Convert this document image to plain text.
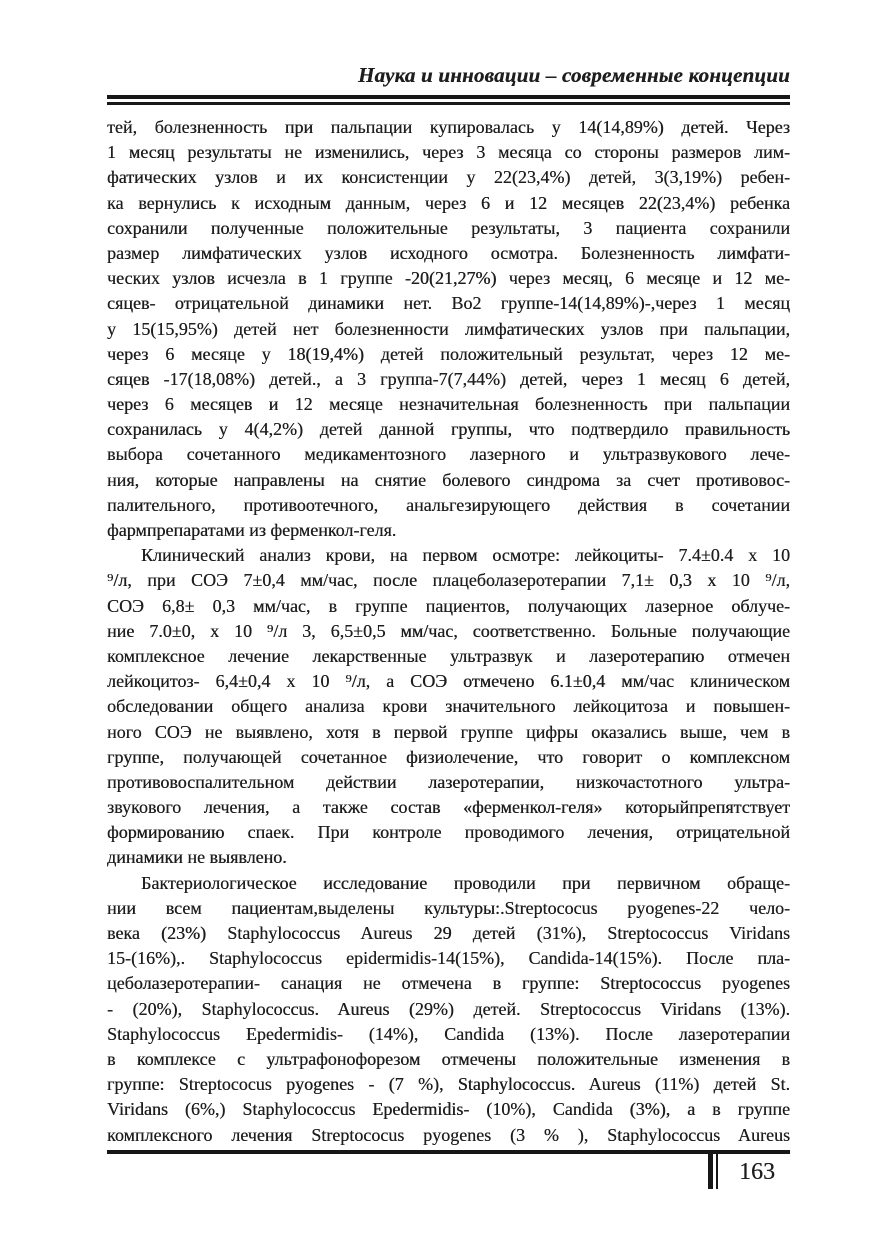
Наука и инновации – современные концепции
тей, болезненность при пальпации купировалась у 14(14,89%) детей. Через
1 месяц результаты не изменились, через 3 месяца со стороны размеров лим-
фатических узлов и их консистенции у 22(23,4%) детей, 3(3,19%) ребен-
ка вернулись к исходным данным, через 6 и 12 месяцев 22(23,4%) ребенка
сохранили полученные положительные результаты, 3 пациента сохранили
размер лимфатических узлов исходного осмотра. Болезненность лимфати-
ческих узлов исчезла в 1 группе -20(21,27%) через месяц, 6 месяце и 12 ме-
сяцев- отрицательной динамики нет. Во2 группе-14(14,89%)-,через 1 месяц
у 15(15,95%) детей нет болезненности лимфатических узлов при пальпации,
через 6 месяце у 18(19,4%) детей положительный результат, через 12 ме-
сяцев -17(18,08%) детей., а 3 группа-7(7,44%) детей, через 1 месяц 6 детей,
через 6 месяцев и 12 месяце незначительная болезненность при пальпации
сохранилась у 4(4,2%) детей данной группы, что подтвердило правильность
выбора сочетанного медикаментозного лазерного и ультразвукового лече-
ния, которые направлены на снятие болевого синдрома за счет противовос-
палительного, противоотечного, анальгезирующего действия в сочетании
фармпрепаратами из ферменкол-геля.
Клинический анализ крови, на первом осмотре: лейкоциты- 7.4±0.4 x 10
⁹/л, при СОЭ 7±0,4 мм/час, после плацеболазеротерапии 7,1± 0,3 x 10 ⁹/л,
СОЭ 6,8± 0,3 мм/час, в группе пациентов, получающих лазерное облуче-
ние 7.0±0, x 10 ⁹/л 3, 6,5±0,5 мм/час, соответственно. Больные получающие
комплексное лечение лекарственные ультразвук и лазеротерапию отмечен
лейкоцитоз- 6,4±0,4 x 10 ⁹/л, а СОЭ отмечено 6.1±0,4 мм/час клиническом
обследовании общего анализа крови значительного лейкоцитоза и повышен-
ного СОЭ не выявлено, хотя в первой группе цифры оказались выше, чем в
группе, получающей сочетанное физиолечение, что говорит о комплексном
противовоспалительном действии лазеротерапии, низкочастотного ультра-
звукового лечения, а также состав «ферменкол-геля» которыйпрепятствует
формированию спаек. При контроле проводимого лечения, отрицательной
динамики не выявлено.
Бактериологическое исследование проводили при первичном обраще-
нии всем пациентам,выделены культуры:.Streptococus pyogenes-22 чело-
века (23%) Staphylococcus Aureus 29 детей (31%), Streptococcus Viridans
15-(16%),. Staphylococcus epidermidis-14(15%), Candida-14(15%). После пла-
цеболазеротерапии- санация не отмечена в группе: Streptococcus pyogenes
- (20%), Staphylococcus. Aureus (29%) детей. Streptococcus Viridans (13%).
Staphylococcus Epedermidis- (14%), Candida (13%). После лазеротерапии
в комплексе с ультрафонофорезом отмечены положительные изменения в
группе: Streptococus pyogenes - (7 %), Staphylococcus. Aureus (11%) детей St.
Viridans (6%,) Staphylococcus Epedermidis- (10%), Candida (3%), а в группе
комплексного лечения Streptococus pyogenes (3 % ), Staphylococcus Aureus
163
